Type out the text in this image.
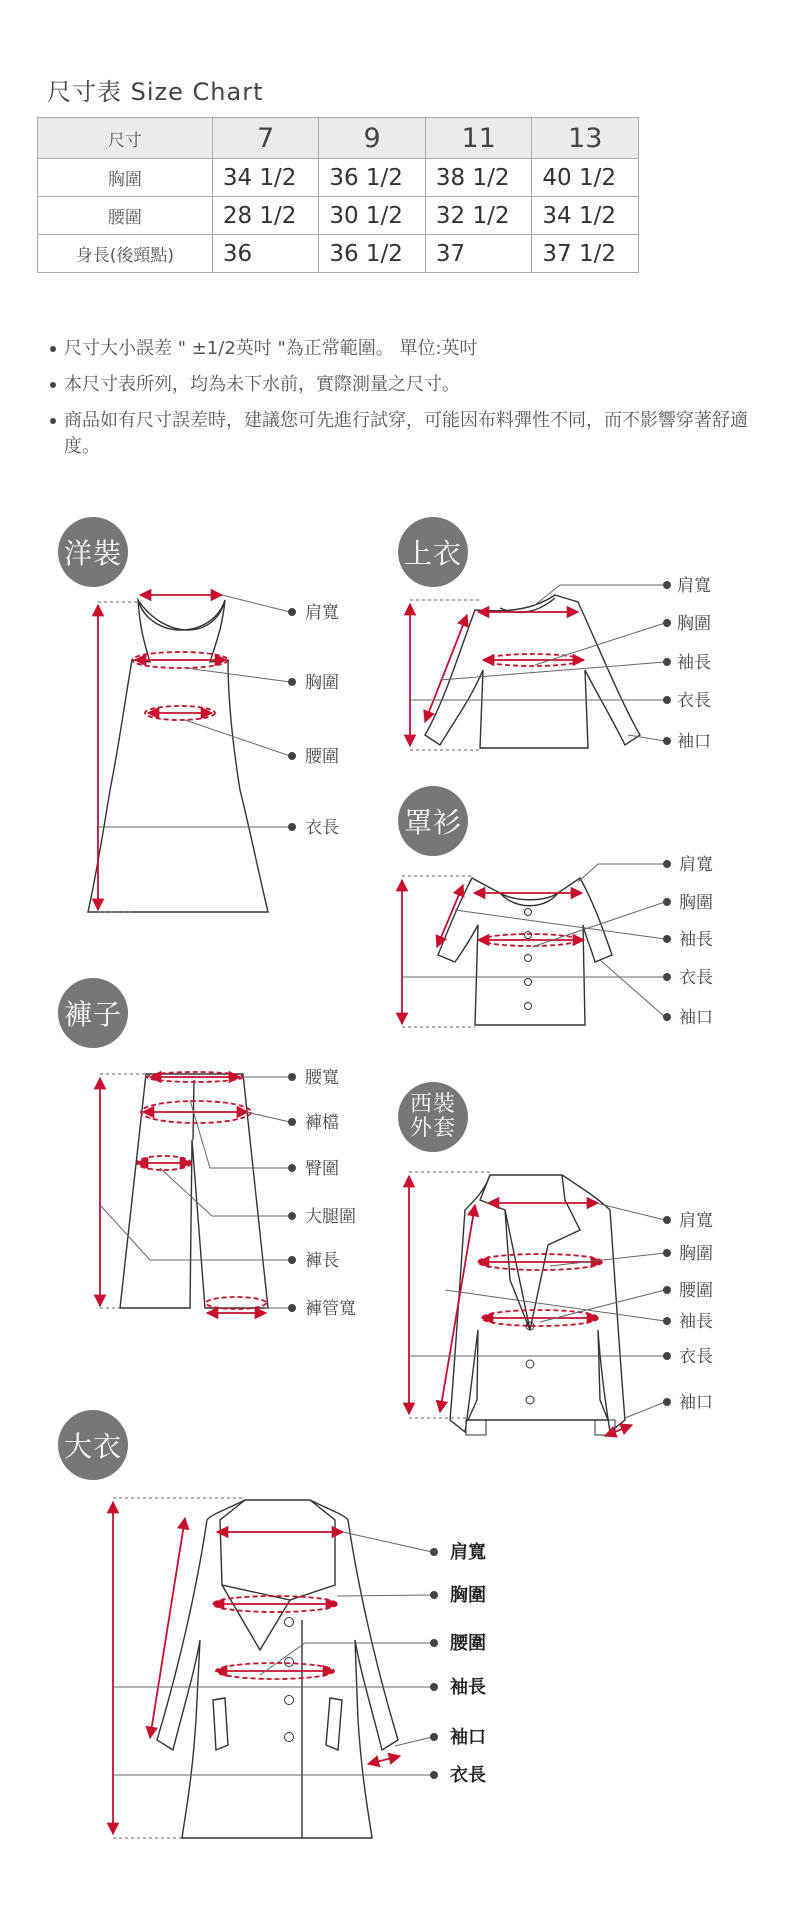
尺寸表 Size Chart
尺寸	7	9	11	13
胸圍	34 1/2	36 1/2	38 1/2	40 1/2
腰圍	28 1/2	30 1/2	32 1/2	34 1/2
身長(後頸點)	36	36 1/2	37	37 1/2
尺寸大小誤差 " ±1/2英吋 "為正常範圍。 單位:英吋
本尺寸表所列，均為未下水前，實際測量之尺寸。
商品如有尺寸誤差時，建議您可先進行試穿，可能因布料彈性不同，而不影響穿著舒適度。
洋裝	上衣
罩衫
褲子
西裝
外套
大衣
肩寬
胸圍
腰圍
衣長
肩寬
胸圍
袖長
衣長
袖口
肩寬
胸圍
袖長
衣長
袖口
腰寬
褲檔
臀圍
大腿圍
褲長
褲管寬
肩寬
胸圍
腰圍
袖長
衣長
袖口
肩寬
胸圍
腰圍
袖長
袖口
衣長
